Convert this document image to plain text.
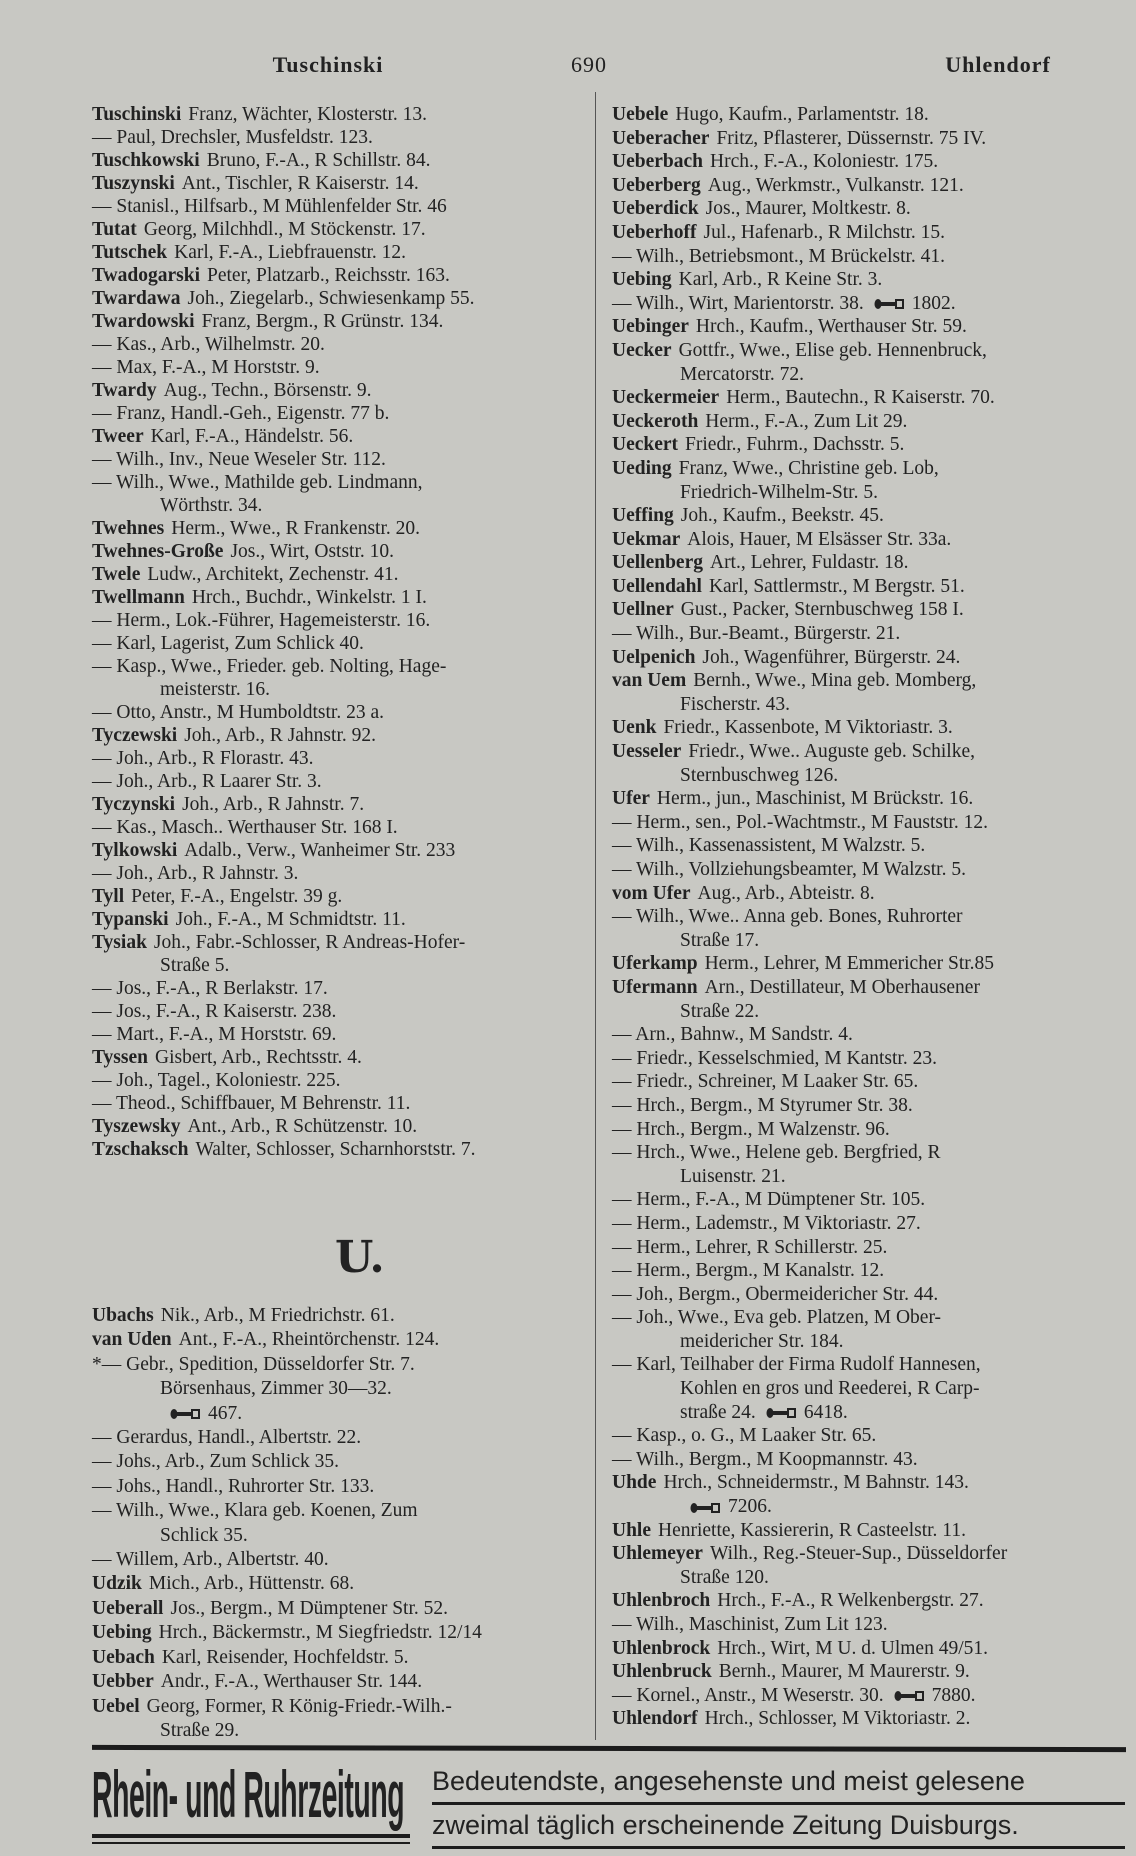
Tuschinski	690	Uhlendorf
Tuschinski Franz, Wächter, Klosterstr. 13.
— Paul, Drechsler, Musfeldstr. 123.
Tuschkowski Bruno, F.-A., R Schillstr. 84.
Tuszynski Ant., Tischler, R Kaiserstr. 14.
— Stanisl., Hilfsarb., M Mühlenfelder Str. 46
Tutat Georg, Milchhdl., M Stöckenstr. 17.
Tutschek Karl, F.-A., Liebfrauenstr. 12.
Twadogarski Peter, Platzarb., Reichsstr. 163.
Twardawa Joh., Ziegelarb., Schwiesenkamp 55.
Twardowski Franz, Bergm., R Grünstr. 134.
— Kas., Arb., Wilhelmstr. 20.
— Max, F.-A., M Horststr. 9.
Twardy Aug., Techn., Börsenstr. 9.
— Franz, Handl.-Geh., Eigenstr. 77 b.
Tweer Karl, F.-A., Händelstr. 56.
— Wilh., Inv., Neue Weseler Str. 112.
— Wilh., Wwe., Mathilde geb. Lindmann,
Wörthstr. 34.
Twehnes Herm., Wwe., R Frankenstr. 20.
Twehnes-Große Jos., Wirt, Oststr. 10.
Twele Ludw., Architekt, Zechenstr. 41.
Twellmann Hrch., Buchdr., Winkelstr. 1 I.
— Herm., Lok.-Führer, Hagemeisterstr. 16.
— Karl, Lagerist, Zum Schlick 40.
— Kasp., Wwe., Frieder. geb. Nolting, Hage-
meisterstr. 16.
— Otto, Anstr., M Humboldtstr. 23 a.
Tyczewski Joh., Arb., R Jahnstr. 92.
— Joh., Arb., R Florastr. 43.
— Joh., Arb., R Laarer Str. 3.
Tyczynski Joh., Arb., R Jahnstr. 7.
— Kas., Masch.. Werthauser Str. 168 I.
Tylkowski Adalb., Verw., Wanheimer Str. 233
— Joh., Arb., R Jahnstr. 3.
Tyll Peter, F.-A., Engelstr. 39 g.
Typanski Joh., F.-A., M Schmidtstr. 11.
Tysiak Joh., Fabr.-Schlosser, R Andreas-Hofer-
Straße 5.
— Jos., F.-A., R Berlakstr. 17.
— Jos., F.-A., R Kaiserstr. 238.
— Mart., F.-A., M Horststr. 69.
Tyssen Gisbert, Arb., Rechtsstr. 4.
— Joh., Tagel., Koloniestr. 225.
— Theod., Schiffbauer, M Behrenstr. 11.
Tyszewsky Ant., Arb., R Schützenstr. 10.
Tzschaksch Walter, Schlosser, Scharnhorststr. 7.
U.
Ubachs Nik., Arb., M Friedrichstr. 61.
van Uden Ant., F.-A., Rheintörchenstr. 124.
*— Gebr., Spedition, Düsseldorfer Str. 7.
Börsenhaus, Zimmer 30—32.
467.
— Gerardus, Handl., Albertstr. 22.
— Johs., Arb., Zum Schlick 35.
— Johs., Handl., Ruhrorter Str. 133.
— Wilh., Wwe., Klara geb. Koenen, Zum
Schlick 35.
— Willem, Arb., Albertstr. 40.
Udzik Mich., Arb., Hüttenstr. 68.
Ueberall Jos., Bergm., M Dümptener Str. 52.
Uebing Hrch., Bäckermstr., M Siegfriedstr. 12/14
Uebach Karl, Reisender, Hochfeldstr. 5.
Uebber Andr., F.-A., Werthauser Str. 144.
Uebel Georg, Former, R König-Friedr.-Wilh.-
Straße 29.
Uebele Hugo, Kaufm., Parlamentstr. 18.
Ueberacher Fritz, Pflasterer, Düssernstr. 75 IV.
Ueberbach Hrch., F.-A., Koloniestr. 175.
Ueberberg Aug., Werkmstr., Vulkanstr. 121.
Ueberdick Jos., Maurer, Moltkestr. 8.
Ueberhoff Jul., Hafenarb., R Milchstr. 15.
— Wilh., Betriebsmont., M Brückelstr. 41.
Uebing Karl, Arb., R Keine Str. 3.
— Wilh., Wirt, Marientorstr. 38. 1802.
Uebinger Hrch., Kaufm., Werthauser Str. 59.
Uecker Gottfr., Wwe., Elise geb. Hennenbruck,
Mercatorstr. 72.
Ueckermeier Herm., Bautechn., R Kaiserstr. 70.
Ueckeroth Herm., F.-A., Zum Lit 29.
Ueckert Friedr., Fuhrm., Dachsstr. 5.
Ueding Franz, Wwe., Christine geb. Lob,
Friedrich-Wilhelm-Str. 5.
Ueffing Joh., Kaufm., Beekstr. 45.
Uekmar Alois, Hauer, M Elsässer Str. 33a.
Uellenberg Art., Lehrer, Fuldastr. 18.
Uellendahl Karl, Sattlermstr., M Bergstr. 51.
Uellner Gust., Packer, Sternbuschweg 158 I.
— Wilh., Bur.-Beamt., Bürgerstr. 21.
Uelpenich Joh., Wagenführer, Bürgerstr. 24.
van Uem Bernh., Wwe., Mina geb. Momberg,
Fischerstr. 43.
Uenk Friedr., Kassenbote, M Viktoriastr. 3.
Uesseler Friedr., Wwe.. Auguste geb. Schilke,
Sternbuschweg 126.
Ufer Herm., jun., Maschinist, M Brückstr. 16.
— Herm., sen., Pol.-Wachtmstr., M Fauststr. 12.
— Wilh., Kassenassistent, M Walzstr. 5.
— Wilh., Vollziehungsbeamter, M Walzstr. 5.
vom Ufer Aug., Arb., Abteistr. 8.
— Wilh., Wwe.. Anna geb. Bones, Ruhrorter
Straße 17.
Uferkamp Herm., Lehrer, M Emmericher Str.85
Ufermann Arn., Destillateur, M Oberhausener
Straße 22.
— Arn., Bahnw., M Sandstr. 4.
— Friedr., Kesselschmied, M Kantstr. 23.
— Friedr., Schreiner, M Laaker Str. 65.
— Hrch., Bergm., M Styrumer Str. 38.
— Hrch., Bergm., M Walzenstr. 96.
— Hrch., Wwe., Helene geb. Bergfried, R
Luisenstr. 21.
— Herm., F.-A., M Dümptener Str. 105.
— Herm., Lademstr., M Viktoriastr. 27.
— Herm., Lehrer, R Schillerstr. 25.
— Herm., Bergm., M Kanalstr. 12.
— Joh., Bergm., Obermeidericher Str. 44.
— Joh., Wwe., Eva geb. Platzen, M Ober-
meidericher Str. 184.
— Karl, Teilhaber der Firma Rudolf Hannesen,
Kohlen en gros und Reederei, R Carp-
straße 24. 6418.
— Kasp., o. G., M Laaker Str. 65.
— Wilh., Bergm., M Koopmannstr. 43.
Uhde Hrch., Schneidermstr., M Bahnstr. 143.
7206.
Uhle Henriette, Kassiererin, R Casteelstr. 11.
Uhlemeyer Wilh., Reg.-Steuer-Sup., Düsseldorfer
Straße 120.
Uhlenbroch Hrch., F.-A., R Welkenbergstr. 27.
— Wilh., Maschinist, Zum Lit 123.
Uhlenbrock Hrch., Wirt, M U. d. Ulmen 49/51.
Uhlenbruck Bernh., Maurer, M Maurerstr. 9.
— Kornel., Anstr., M Weserstr. 30. 7880.
Uhlendorf Hrch., Schlosser, M Viktoriastr. 2.
Rhein- und Ruhrzeitung Bedeutendste, angesehenste und meist gelesene
zweimal täglich erscheinende Zeitung Duisburgs.
